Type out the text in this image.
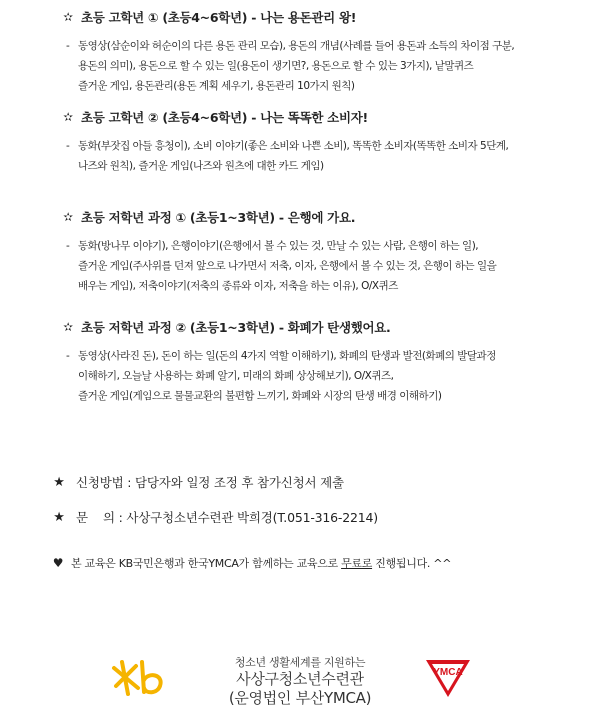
✫ 초등 고학년 ① (초등4~6학년) - 나는 용돈관리 왕!
- 동영상(삼순이와 허순이의 다른 용돈 관리 모습), 용돈의 개념(사례를 들어 용돈과 소득의 차이점 구분,

용돈의 의미), 용돈으로 할 수 있는 일(용돈이 생기면?, 용돈으로 할 수 있는 3가지), 낱말퀴즈

즐거운 게임, 용돈관리(용돈 계획 세우기, 용돈관리 10가지 원칙)

✫ 초등 고학년 ② (초등4~6학년) - 나는 똑똑한 소비자!
- 동화(부잣집 아들 흥청이), 소비 이야기(좋은 소비와 나쁜 소비), 똑똑한 소비자(똑똑한 소비자 5단계,

나즈와 원칙), 즐거운 게임(나즈와 원츠에 대한 카드 게임)

✫ 초등 저학년 과정 ① (초등1~3학년) - 은행에 가요.
- 동화(방나무 이야기), 은행이야기(은행에서 볼 수 있는 것, 만날 수 있는 사람, 은행이 하는 일),

즐거운 게임(주사위를 던져 앞으로 나가면서 저축, 이자, 은행에서 볼 수 있는 것, 은행이 하는 일을

배우는 게임), 저축이야기(저축의 종류와 이자, 저축을 하는 이유), O/X퀴즈

✫ 초등 저학년 과정 ② (초등1~3학년) - 화폐가 탄생했어요.
- 동영상(사라진 돈), 돈이 하는 일(돈의 4가지 역할 이해하기), 화폐의 탄생과 발전(화폐의 발달과정

이해하기, 오늘날 사용하는 화폐 알기, 미래의 화폐 상상해보기), O/X퀴즈,

즐거운 게임(게임으로 물물교환의 불편함 느끼기, 화폐와 시장의 탄생 배경 이해하기)

★ 신청방법 : 담당자와 일정 조정 후 참가신청서 제출
★ 문    의 : 사상구청소년수련관 박희경(T.051-316-2214)
♥ 본 교육은 KB국민은행과 한국YMCA가 함께하는 교육으로 무료로 진행됩니다. ^^
청소년 생활세계를 지원하는
사상구청소년수련관
(운영법인 부산YMCA)
YMCA
